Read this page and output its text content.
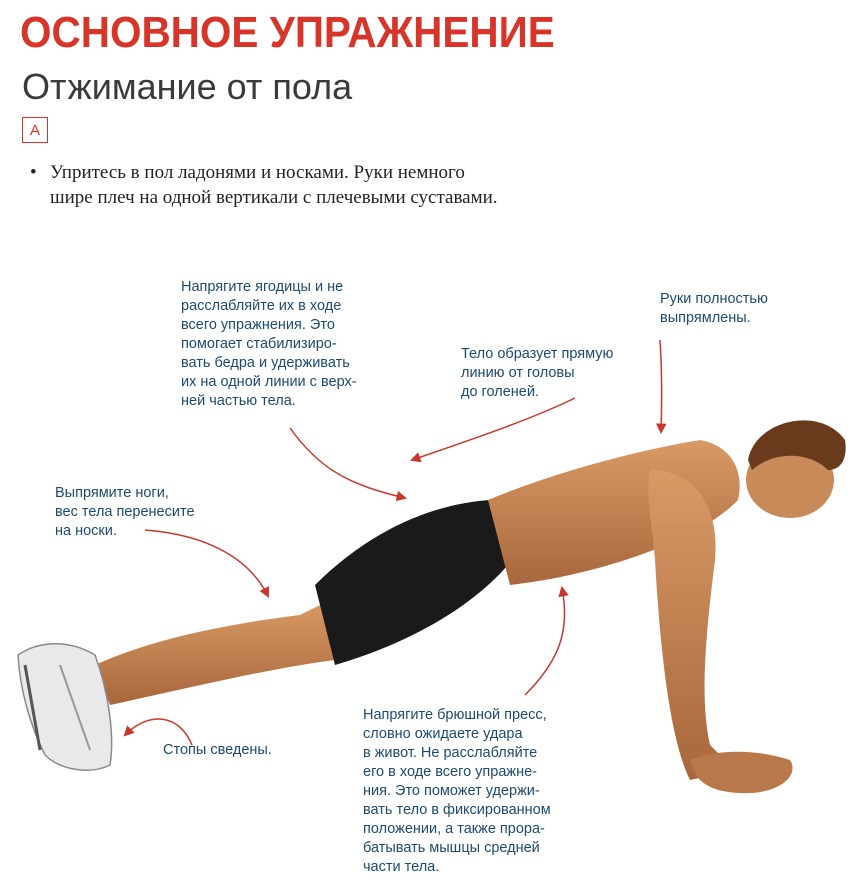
ОСНОВНОЕ УПРАЖНЕНИЕ
Отжимание от пола
A
• Упритесь в пол ладонями и носками. Руки немного
шире плеч на одной вертикали с плечевыми суставами.
Напрягите ягодицы и не
расслабляйте их в ходе
всего упражнения. Это
помогает стабилизиро-
вать бедра и удерживать
их на одной линии с верх-
ней частью тела.
Руки полностью
выпрямлены.
Тело образует прямую
линию от головы
до голеней.
Выпрямите ноги,
вес тела перенесите
на носки.
Стопы сведены.
Напрягите брюшной пресс,
словно ожидаете удара
в живот. Не расслабляйте
его в ходе всего упражне-
ния. Это поможет удержи-
вать тело в фиксированном
положении, а также прора-
батывать мышцы средней
части тела.
